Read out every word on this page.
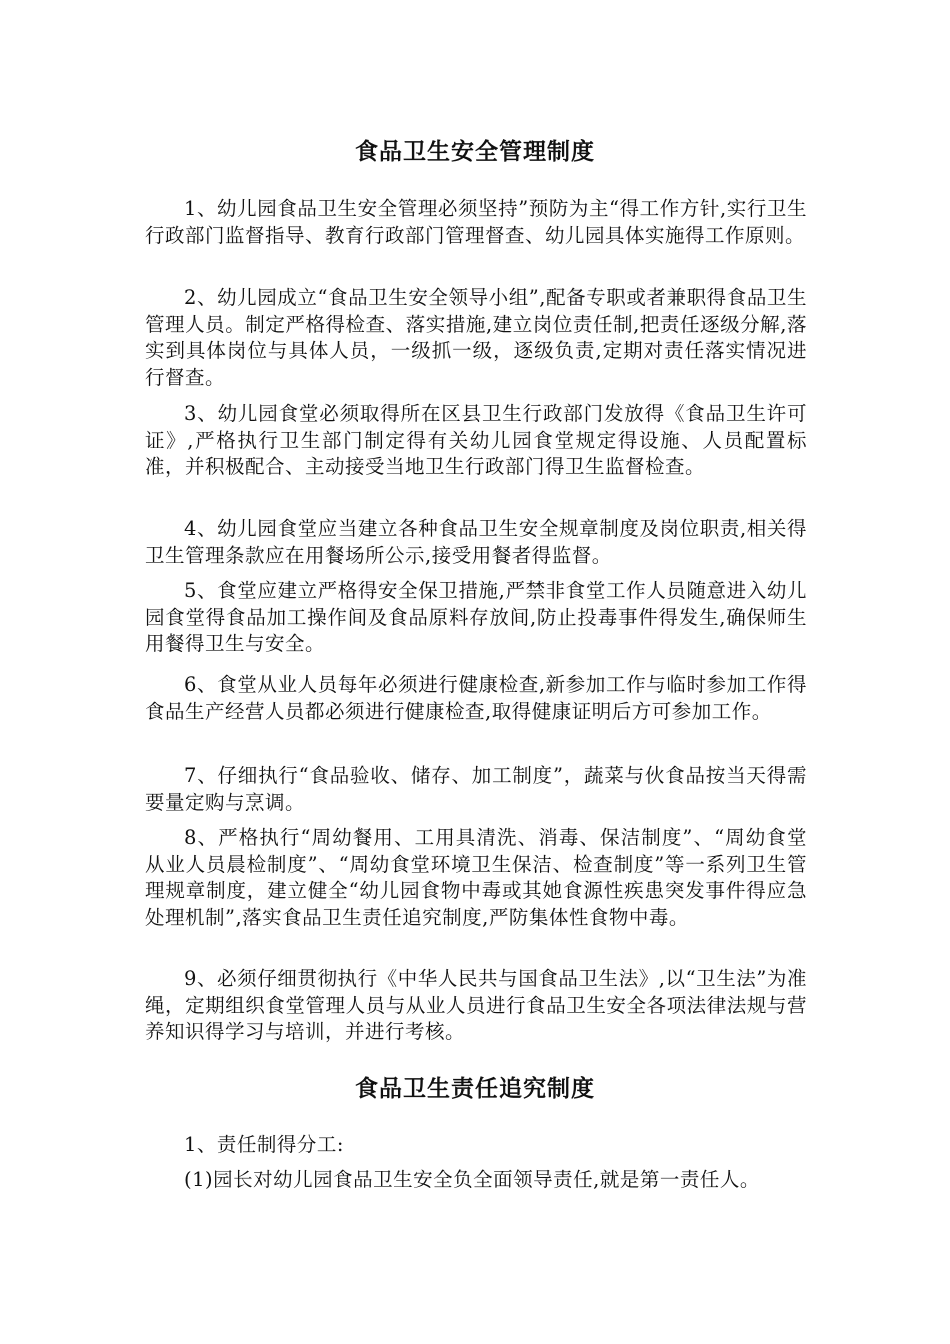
食品卫生安全管理制度
1、幼儿园食品卫生安全管理必须坚持”预防为主“得工作方针,实行卫生行政部门监督指导、教育行政部门管理督查、幼儿园具体实施得工作原则。
2、幼儿园成立“食品卫生安全领导小组”,配备专职或者兼职得食品卫生管理人员。制定严格得检查、落实措施,建立岗位责任制,把责任逐级分解,落实到具体岗位与具体人员，一级抓一级，逐级负责,定期对责任落实情况进行督查。
3、幼儿园食堂必须取得所在区县卫生行政部门发放得《食品卫生许可证》,严格执行卫生部门制定得有关幼儿园食堂规定得设施、人员配置标准，并积极配合、主动接受当地卫生行政部门得卫生监督检查。
4、幼儿园食堂应当建立各种食品卫生安全规章制度及岗位职责,相关得卫生管理条款应在用餐场所公示,接受用餐者得监督。
5、食堂应建立严格得安全保卫措施,严禁非食堂工作人员随意进入幼儿园食堂得食品加工操作间及食品原料存放间,防止投毒事件得发生,确保师生用餐得卫生与安全。
6、食堂从业人员每年必须进行健康检查,新参加工作与临时参加工作得食品生产经营人员都必须进行健康检查,取得健康证明后方可参加工作。
7、仔细执行“食品验收、储存、加工制度”，蔬菜与伙食品按当天得需要量定购与烹调。
8、严格执行“周幼餐用、工用具清洗、消毒、保洁制度”、“周幼食堂从业人员晨检制度”、“周幼食堂环境卫生保洁、检查制度”等一系列卫生管理规章制度，建立健全“幼儿园食物中毒或其她食源性疾患突发事件得应急处理机制”,落实食品卫生责任追究制度,严防集体性食物中毒。
9、必须仔细贯彻执行《中华人民共与国食品卫生法》,以“卫生法”为准绳，定期组织食堂管理人员与从业人员进行食品卫生安全各项法律法规与营养知识得学习与培训，并进行考核。
食品卫生责任追究制度
1、责任制得分工:
(1)园长对幼儿园食品卫生安全负全面领导责任,就是第一责任人。
